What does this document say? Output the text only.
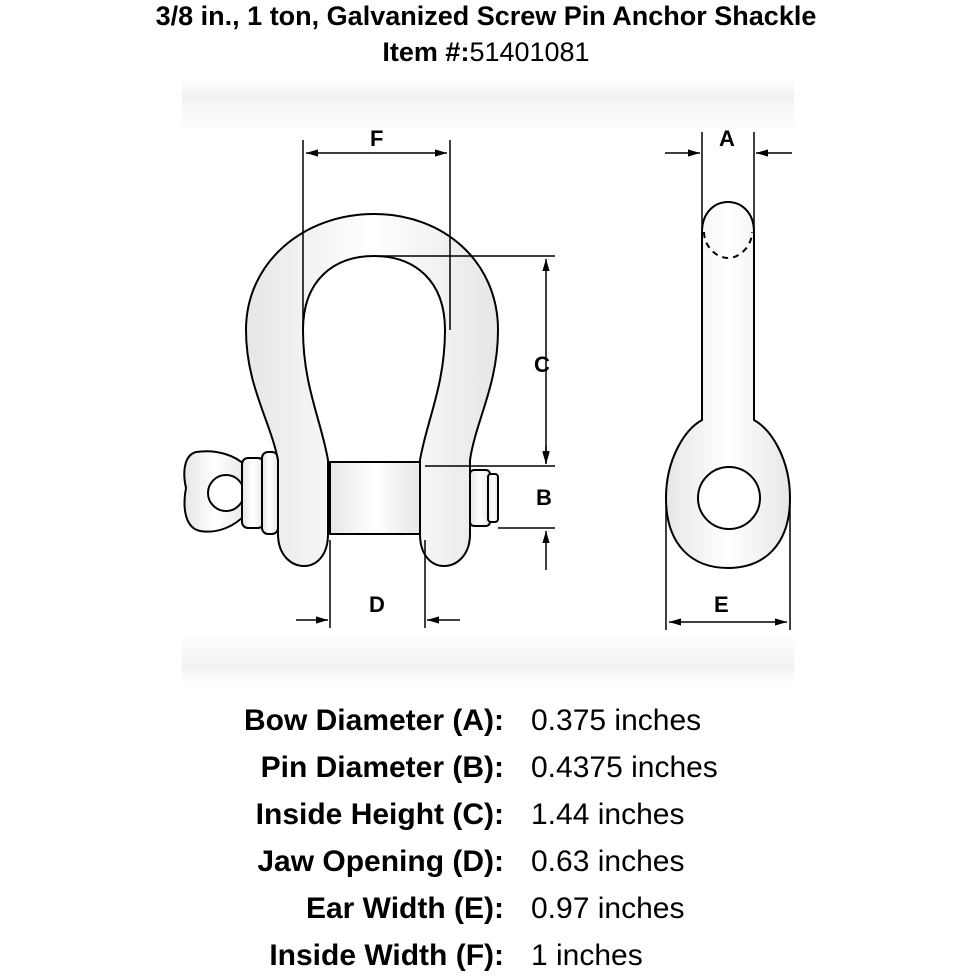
3/8 in., 1 ton, Galvanized Screw Pin Anchor Shackle
Item #:51401081
F	A
C
B
D	E
Bow Diameter (A): 0.375 inches
Pin Diameter (B): 0.4375 inches
Inside Height (C): 1.44 inches
Jaw Opening (D): 0.63 inches
Ear Width (E): 0.97 inches
Inside Width (F): 1 inches
